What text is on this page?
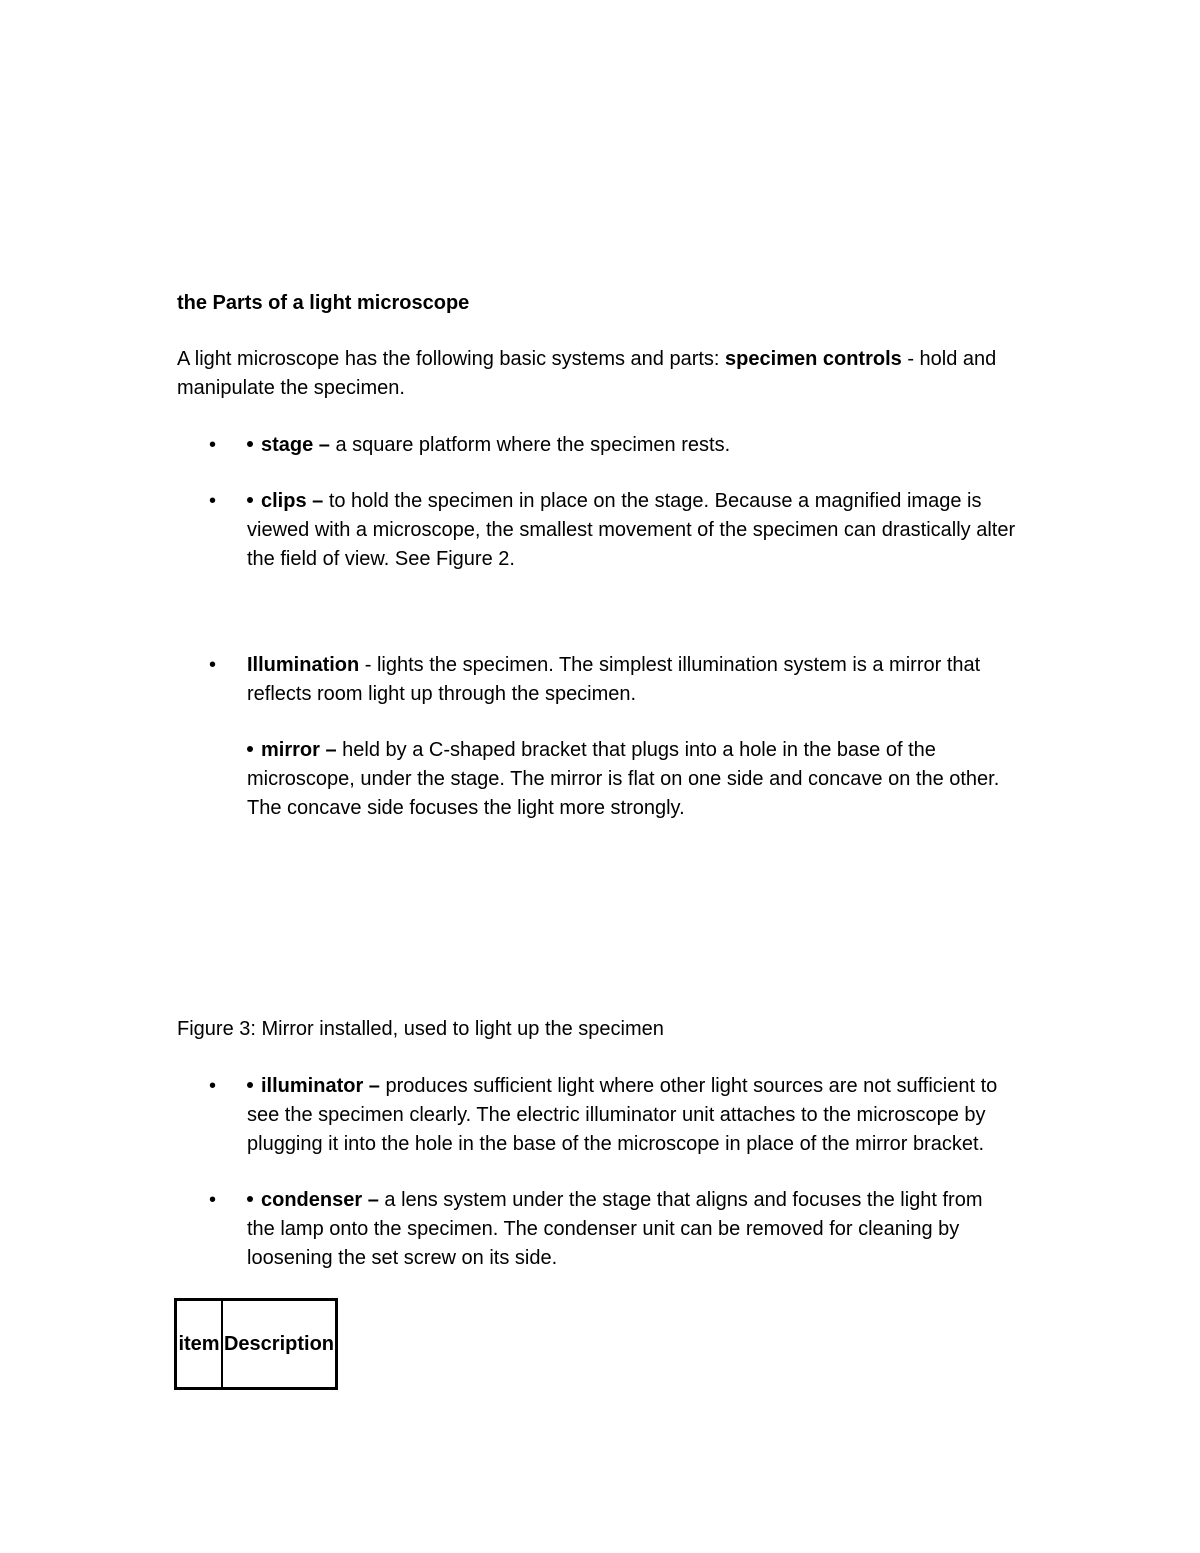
the Parts of a light microscope
A light microscope has the following basic systems and parts: specimen controls - hold and manipulate the specimen.
•	stage – a square platform where the specimen rests.
•	clips – to hold the specimen in place on the stage. Because a magnified image is viewed with a microscope, the smallest movement of the specimen can drastically alter the field of view. See Figure 2.
•	Illumination - lights the specimen. The simplest illumination system is a mirror that reflects room light up through the specimen.
mirror – held by a C-shaped bracket that plugs into a hole in the base of the microscope, under the stage. The mirror is flat on one side and concave on the other. The concave side focuses the light more strongly.
Figure 3: Mirror installed, used to light up the specimen
•	illuminator – produces sufficient light where other light sources are not sufficient to see the specimen clearly. The electric illuminator unit attaches to the microscope by plugging it into the hole in the base of the microscope in place of the mirror bracket.
•	condenser – a lens system under the stage that aligns and focuses the light from the lamp onto the specimen. The condenser unit can be removed for cleaning by loosening the set screw on its side.
item	Description
